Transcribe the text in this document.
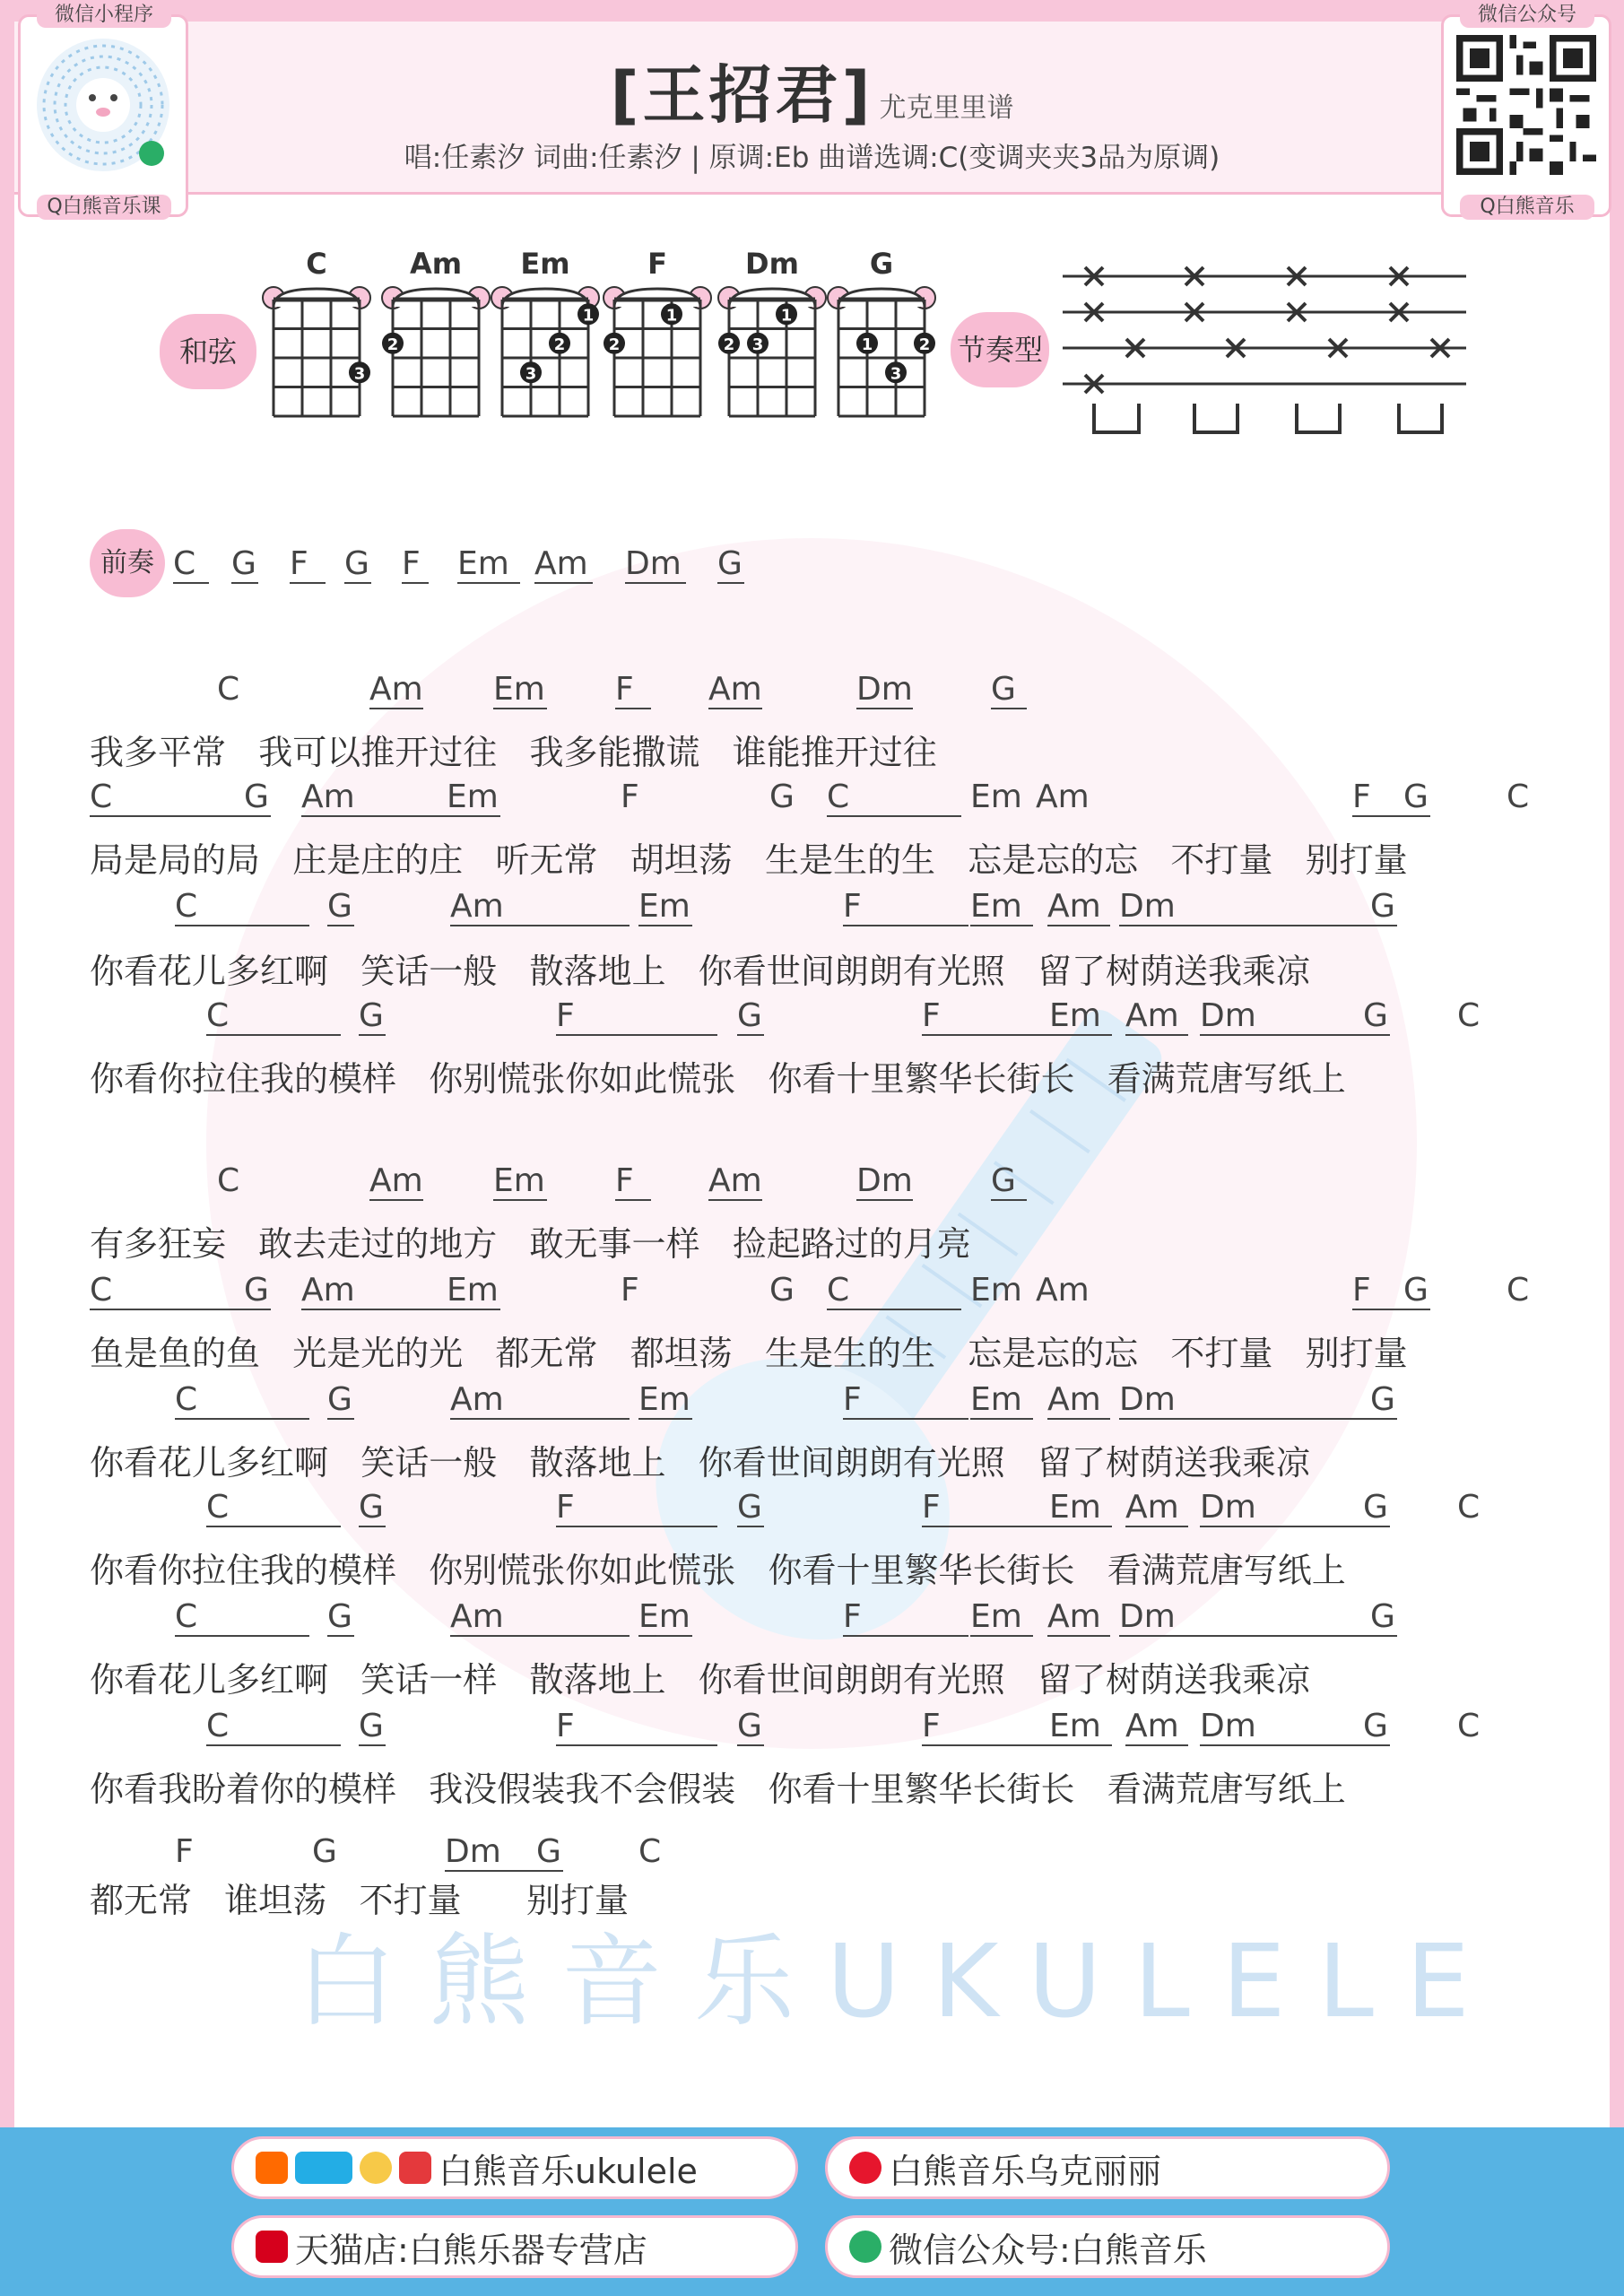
微信小程序
Q白熊音乐课
微信公众号
Q白熊音乐
[王招君] 尤克里里谱
唱:任素汐 词曲:任素汐 | 原调:Eb 曲谱选调:C(变调夹夹3品为原调)
和弦
C
3
Am
2
Em
1
2
3
F
2
1
Dm
2 3
1
G
1	2
3
节奏型
前奏 C	G F	G F Em Am Dm G
C	Am Em F	Am	Dm G
C	G Am	Em	F	G	C	Em Am	F	G C
C	G	Am	Em	F	Em Am Dm	G
C	G	F	G	F	Em Am Dm	G C
C	Am Em F	Am	Dm G
C	G Am	Em	F	G	C	Em Am	F	G C
C	G	Am	Em	F	Em Am Dm	G
C	G	F	G	F	Em Am Dm	G C
C	G	Am	Em	F	Em Am Dm	G
C	G	F	G	F	Em Am Dm	G C
F	G	Dm	G C
我多平常   我可以推开过往   我多能撒谎   谁能推开过往
局是局的局   庄是庄的庄   听无常   胡坦荡   生是生的生   忘是忘的忘   不打量   别打量
你看花儿多红啊   笑话一般   散落地上   你看世间朗朗有光照   留了树荫送我乘凉
你看你拉住我的模样   你别慌张你如此慌张   你看十里繁华长街长   看满荒唐写纸上
有多狂妄   敢去走过的地方   敢无事一样   捡起路过的月亮
鱼是鱼的鱼   光是光的光   都无常   都坦荡   生是生的生   忘是忘的忘   不打量   别打量
你看花儿多红啊   笑话一般   散落地上   你看世间朗朗有光照   留了树荫送我乘凉
你看你拉住我的模样   你别慌张你如此慌张   你看十里繁华长街长   看满荒唐写纸上
你看花儿多红啊   笑话一样   散落地上   你看世间朗朗有光照   留了树荫送我乘凉
你看我盼着你的模样   我没假装我不会假装   你看十里繁华长街长   看满荒唐写纸上
都无常   谁坦荡   不打量      别打量
白熊音乐UKULELE
白熊音乐ukulele	白熊音乐乌克丽丽
天猫店:白熊乐器专营店	微信公众号:白熊音乐
